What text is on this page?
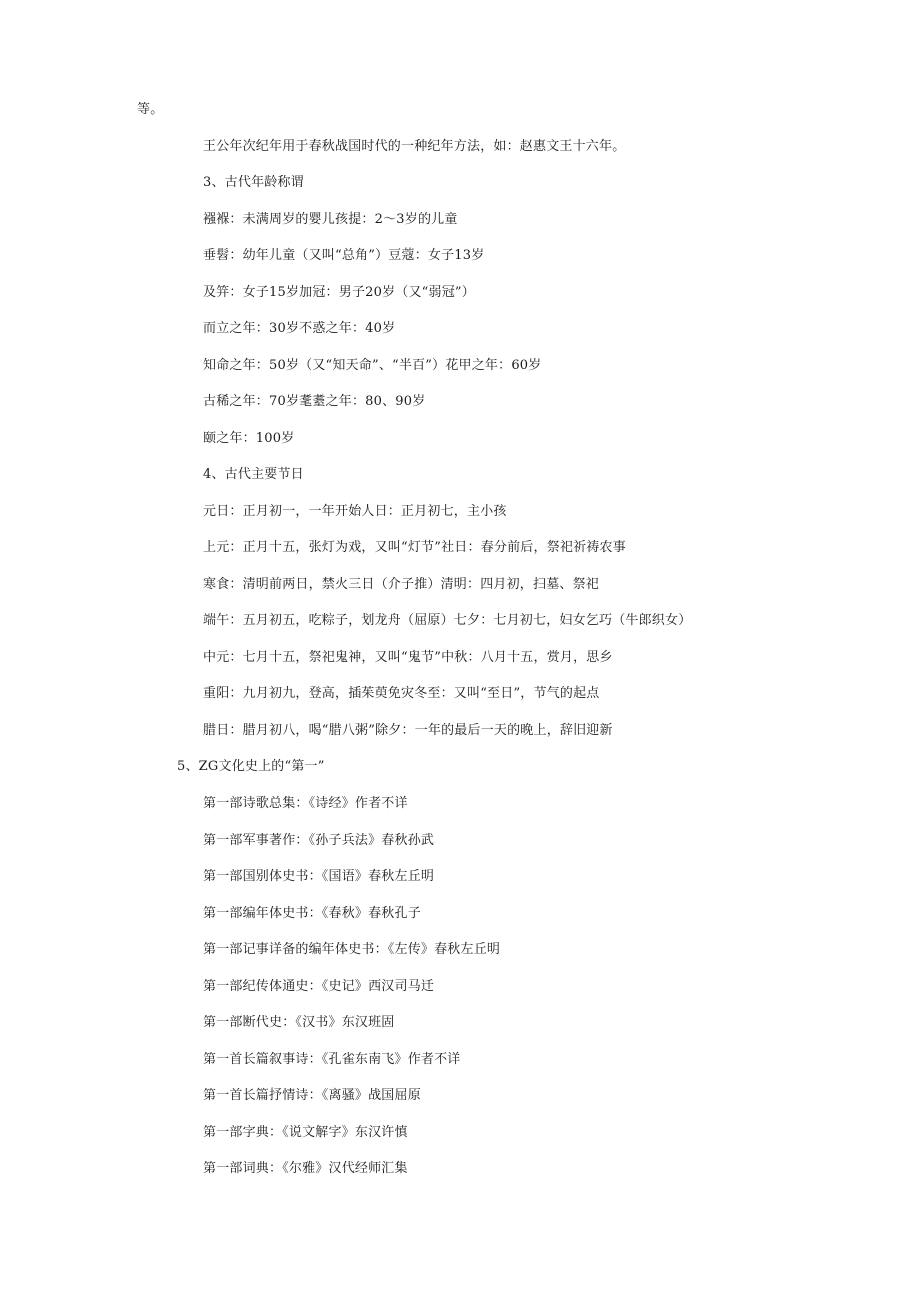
等。
王公年次纪年用于春秋战国时代的一种纪年方法，如：赵惠文王十六年。
3、古代年龄称谓
襁褓：未满周岁的婴儿孩提：2〜3岁的儿童
垂髫：幼年儿童（又叫“总角”）豆蔻：女子13岁
及笄：女子15岁加冠：男子20岁（又“弱冠”）
而立之年：30岁不惑之年：40岁
知命之年：50岁（又“知天命”、“半百”）花甲之年：60岁
古稀之年：70岁耄耋之年：80、90岁
颐之年：100岁
4、古代主要节日
元日：正月初一，一年开始人日：正月初七，主小孩
上元：正月十五，张灯为戏，又叫“灯节”社日：春分前后，祭祀祈祷农事
寒食：清明前两日，禁火三日（介子推）清明：四月初，扫墓、祭祀
端午：五月初五，吃粽子，划龙舟（屈原）七夕：七月初七，妇女乞巧（牛郎织女）
中元：七月十五，祭祀鬼神，又叫“鬼节”中秋：八月十五，赏月，思乡
重阳：九月初九，登高，插茱萸免灾冬至：又叫“至日”，节气的起点
腊日：腊月初八，喝“腊八粥”除夕：一年的最后一天的晚上，辞旧迎新
5、ZG文化史上的“第一”
第一部诗歌总集：《诗经》作者不详
第一部军事著作：《孙子兵法》春秋孙武
第一部国别体史书：《国语》春秋左丘明
第一部编年体史书：《春秋》春秋孔子
第一部记事详备的编年体史书：《左传》春秋左丘明
第一部纪传体通史：《史记》西汉司马迁
第一部断代史：《汉书》东汉班固
第一首长篇叙事诗：《孔雀东南飞》作者不详
第一首长篇抒情诗：《离骚》战国屈原
第一部字典：《说文解字》东汉许慎
第一部词典：《尔雅》汉代经师汇集
